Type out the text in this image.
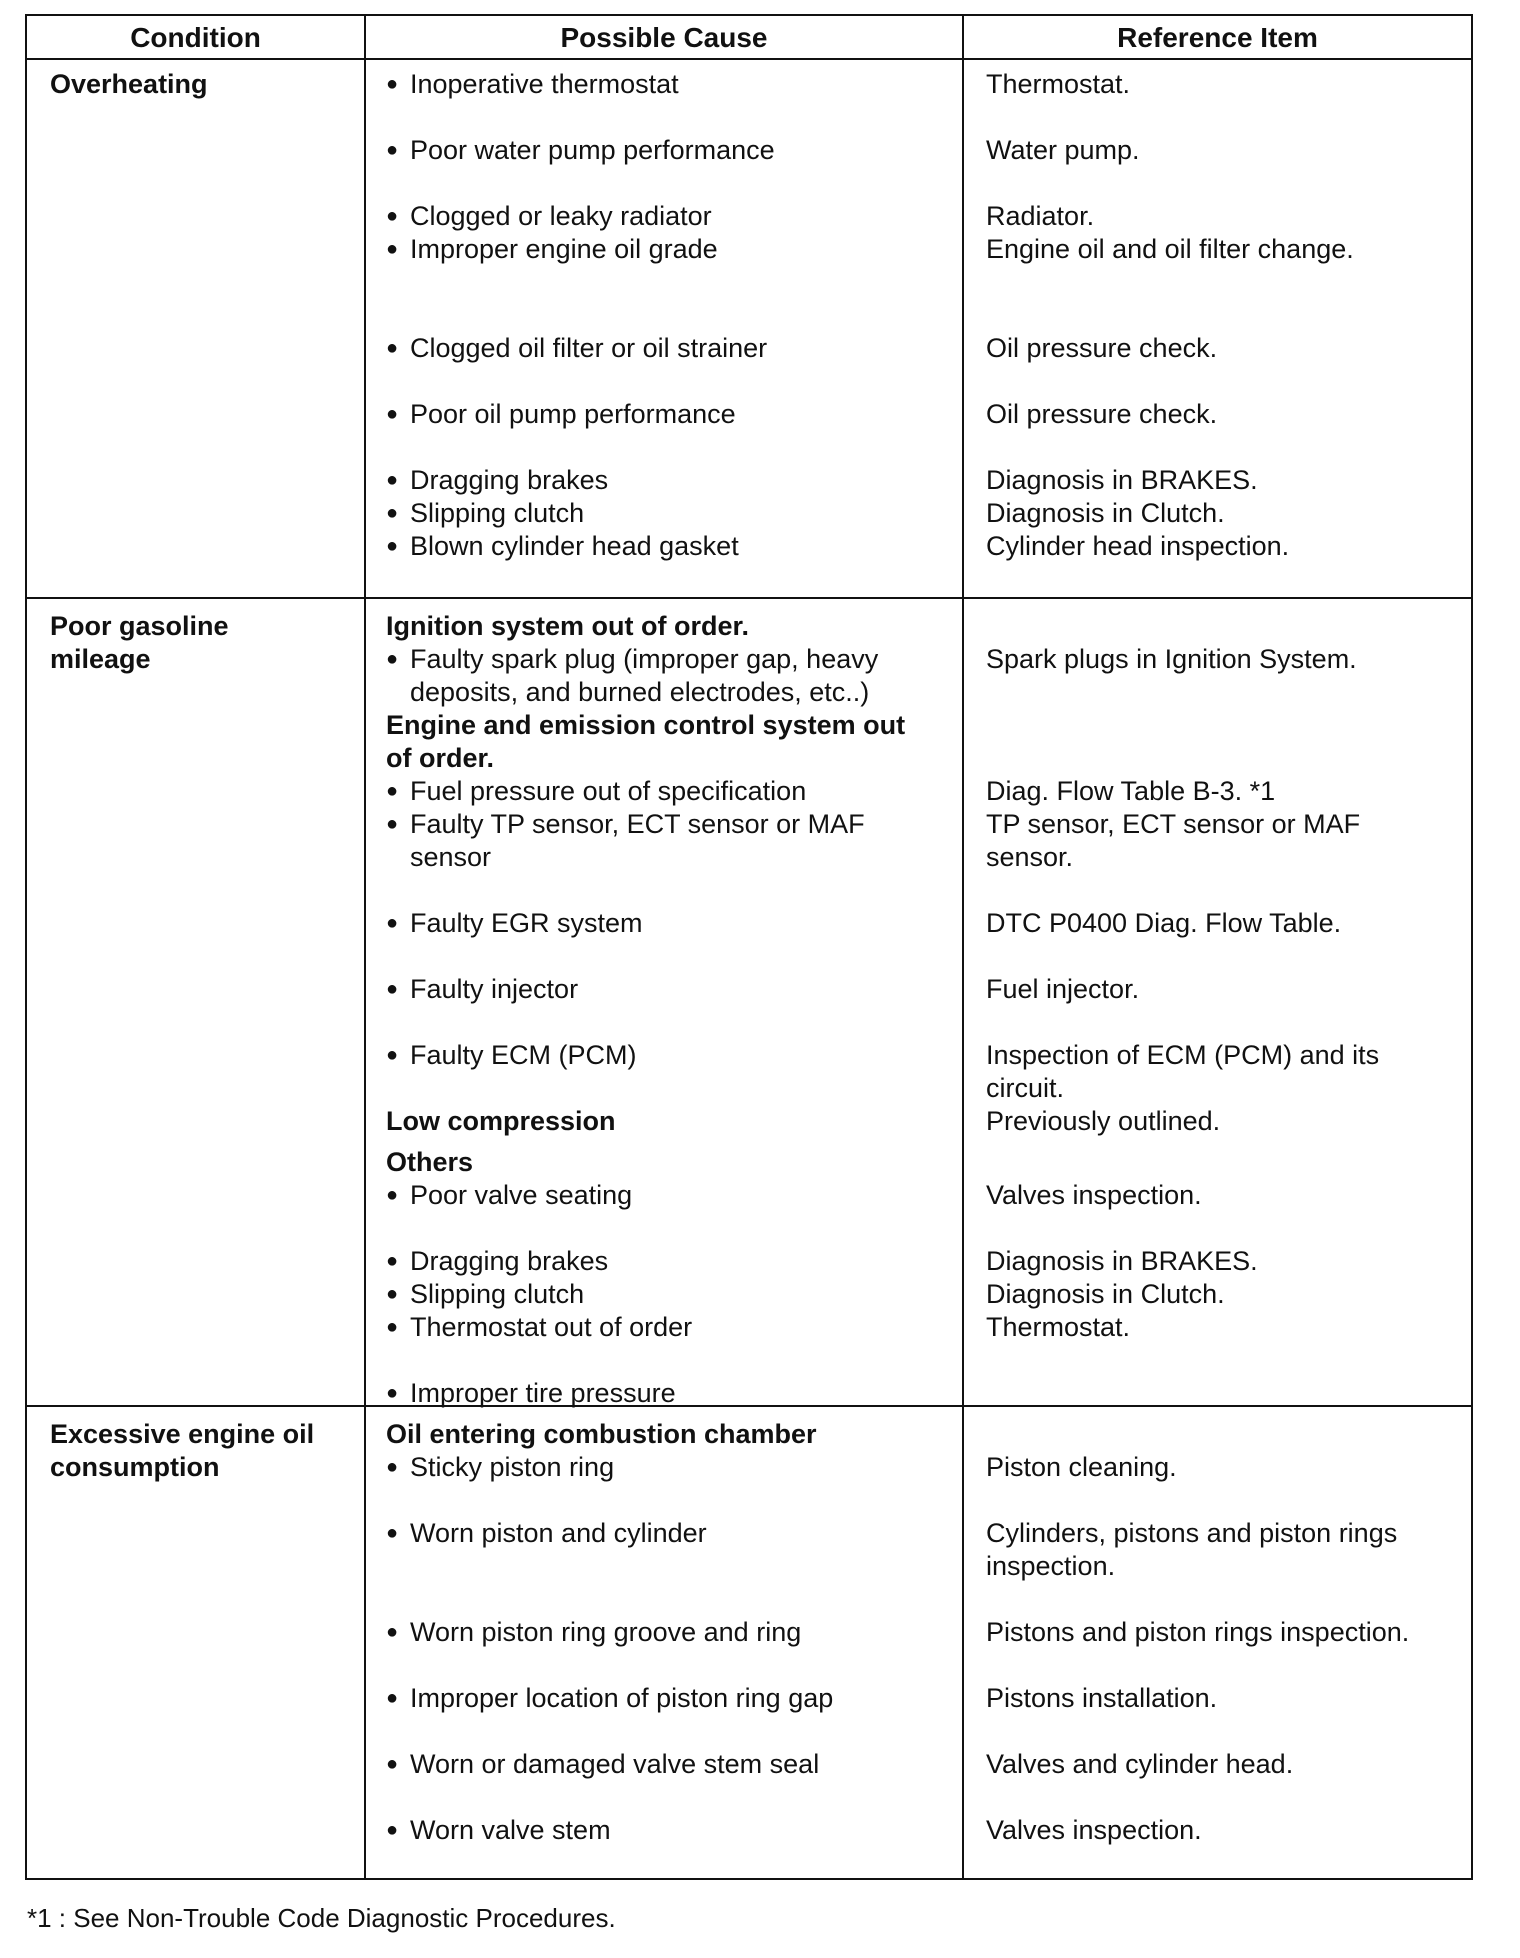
Condition	Possible Cause	Reference Item
Overheating
●	Inoperative thermostat
● Poor water pump performance
● Clogged or leaky radiator
● Improper engine oil grade
● Clogged oil filter or oil strainer
● Poor oil pump performance
● Dragging brakes
● Slipping clutch
● Blown cylinder head gasket
Thermostat.
Water pump.
Radiator.
Engine oil and oil filter change.
Oil pressure check.
Oil pressure check.
Diagnosis in BRAKES.
Diagnosis in Clutch.
Cylinder head inspection.
Poor gasoline
mileage
Ignition system out of order.
● Faulty spark plug (improper gap, heavy
deposits, and burned electrodes, etc..)
Engine and emission control system out
of order.
● Fuel pressure out of specification
● Faulty TP sensor, ECT sensor or MAF
sensor
● Faulty EGR system
● Faulty injector
● Faulty ECM (PCM)
Low compression
Others
● Poor valve seating
● Dragging brakes
● Slipping clutch
● Thermostat out of order
● Improper tire pressure
Spark plugs in Ignition System.
Diag. Flow Table B-3. *1
TP sensor, ECT sensor or MAF
sensor.
DTC P0400 Diag. Flow Table.
Fuel injector.
Inspection of ECM (PCM) and its
circuit.
Previously outlined.
Valves inspection.
Diagnosis in BRAKES.
Diagnosis in Clutch.
Thermostat.
Excessive engine oil
consumption
Oil entering combustion chamber
● Sticky piston ring
● Worn piston and cylinder
● Worn piston ring groove and ring
● Improper location of piston ring gap
● Worn or damaged valve stem seal
● Worn valve stem
Piston cleaning.
Cylinders, pistons and piston rings
inspection.
Pistons and piston rings inspection.
Pistons installation.
Valves and cylinder head.
Valves inspection.
*1 : See Non-Trouble Code Diagnostic Procedures.
